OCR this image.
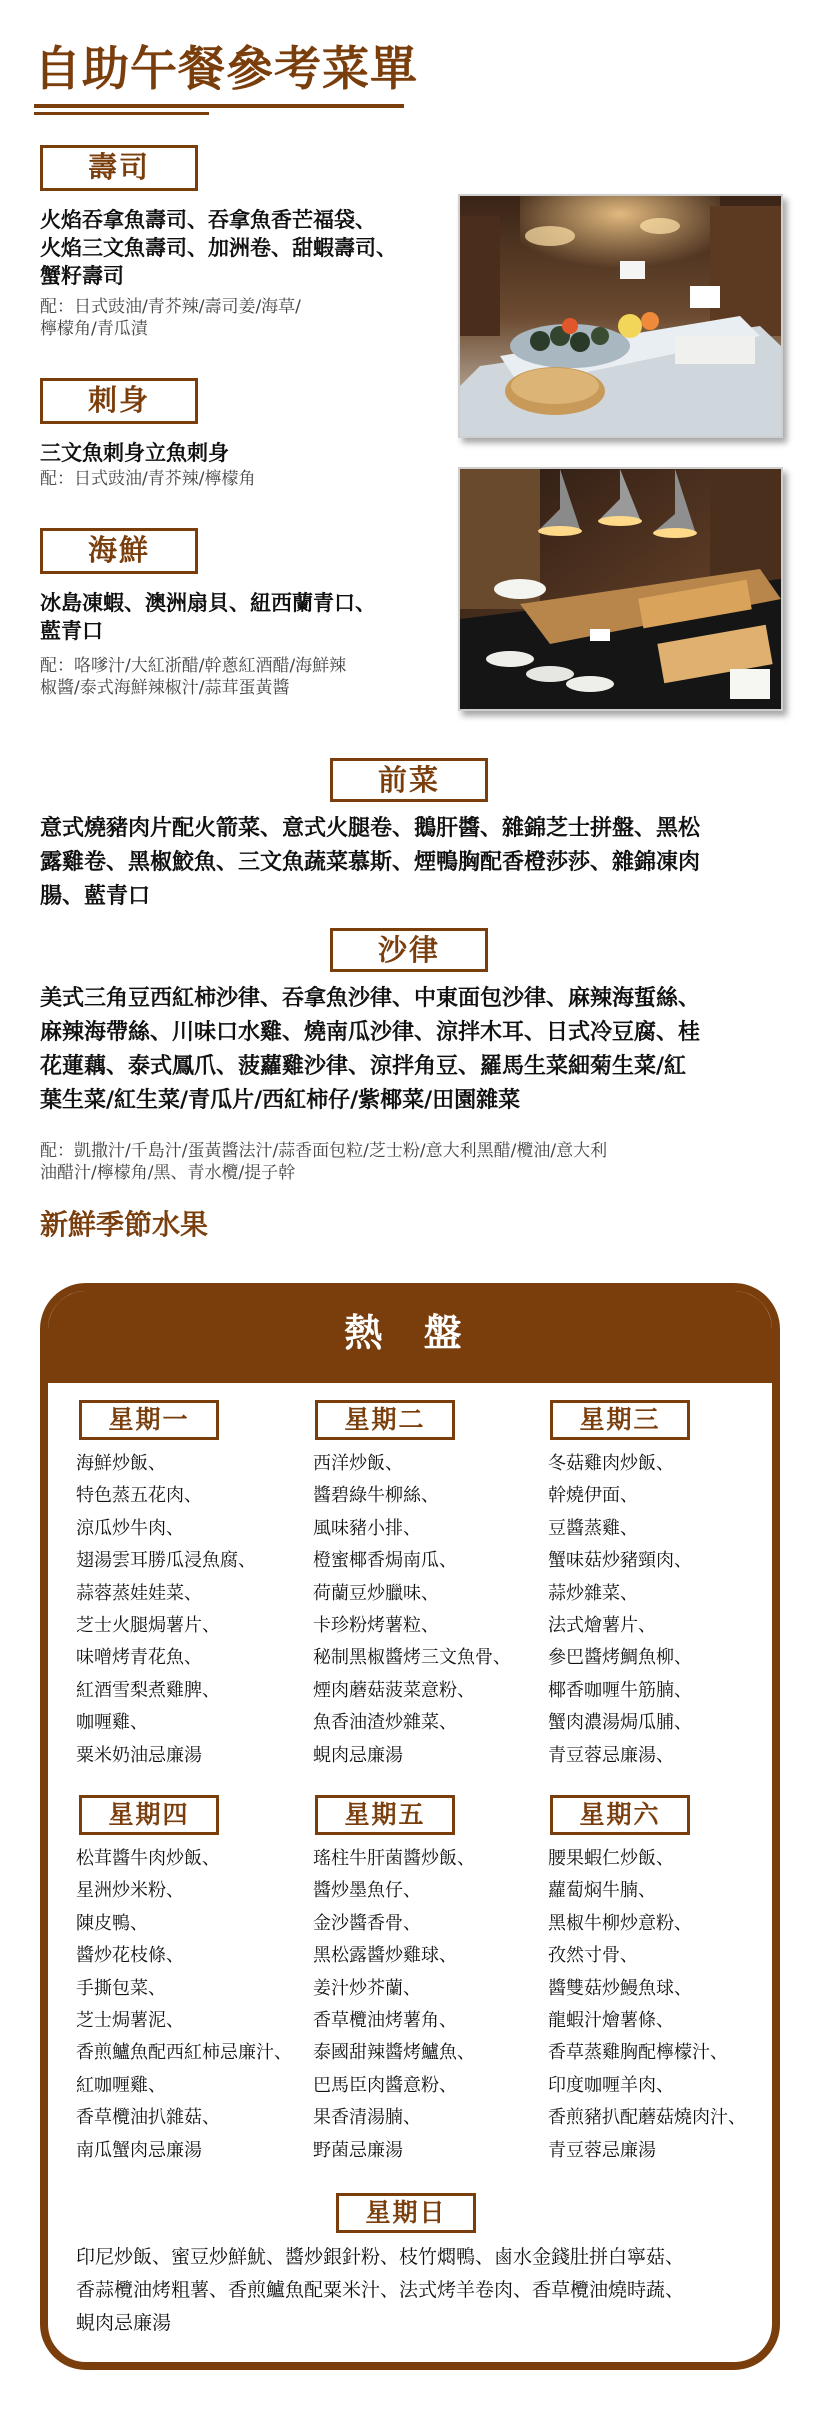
自助午餐參考菜單
壽司
火焰吞拿魚壽司、吞拿魚香芒福袋、
火焰三文魚壽司、加洲卷、甜蝦壽司、
蟹籽壽司
配：日式豉油/青芥辣/壽司姜/海草/
檸檬角/青瓜漬
刺身
三文魚刺身立魚刺身
配：日式豉油/青芥辣/檸檬角
海鮮
冰島凍蝦、澳洲扇貝、紐西蘭青口、
藍青口
配：咯嗲汁/大紅浙醋/幹蔥紅酒醋/海鮮辣
椒醬/泰式海鮮辣椒汁/蒜茸蛋黃醬
前菜
意式燒豬肉片配火箭菜、意式火腿卷、鵝肝醬、雜錦芝士拼盤、黑松
露雞卷、黑椒鮫魚、三文魚蔬菜慕斯、煙鴨胸配香橙莎莎、雜錦凍肉
腸、藍青口
沙律
美式三角豆西紅柿沙律、吞拿魚沙律、中東面包沙律、麻辣海蜇絲、
麻辣海帶絲、川味口水雞、燒南瓜沙律、涼拌木耳、日式冷豆腐、桂
花蓮藕、泰式鳳爪、菠蘿雞沙律、涼拌角豆、羅馬生菜細菊生菜/紅
葉生菜/紅生菜/青瓜片/西紅柿仔/紫椰菜/田園雜菜
配：凱撒汁/千島汁/蛋黃醬法汁/蒜香面包粒/芝士粉/意大利黑醋/欖油/意大利
油醋汁/檸檬角/黑、青水欖/提子幹
新鮮季節水果
熱 盤
星期一
海鮮炒飯、
特色蒸五花肉、
涼瓜炒牛肉、
翅湯雲耳勝瓜浸魚腐、
蒜蓉蒸娃娃菜、
芝士火腿焗薯片、
味噌烤青花魚、
紅酒雪梨煮雞脾、
咖喱雞、
粟米奶油忌廉湯
星期二
西洋炒飯、
醬碧綠牛柳絲、
風味豬小排、
橙蜜椰香焗南瓜、
荷蘭豆炒臘味、
卡珍粉烤薯粒、
秘制黑椒醬烤三文魚骨、
煙肉蘑菇菠菜意粉、
魚香油渣炒雜菜、
蜆肉忌廉湯
星期三
冬菇雞肉炒飯、
幹燒伊面、
豆醬蒸雞、
蟹味菇炒豬頸肉、
蒜炒雜菜、
法式燴薯片、
參巴醬烤鯛魚柳、
椰香咖喱牛筋腩、
蟹肉濃湯焗瓜脯、
青豆蓉忌廉湯、
星期四
松茸醬牛肉炒飯、
星洲炒米粉、
陳皮鴨、
醬炒花枝條、
手撕包菜、
芝士焗薯泥、
香煎鱸魚配西紅柿忌廉汁、
紅咖喱雞、
香草欖油扒雜菇、
南瓜蟹肉忌廉湯
星期五
瑤柱牛肝菌醬炒飯、
醬炒墨魚仔、
金沙醬香骨、
黑松露醬炒雞球、
姜汁炒芥蘭、
香草欖油烤薯角、
泰國甜辣醬烤鱸魚、
巴馬臣肉醬意粉、
果香清湯腩、
野菌忌廉湯
星期六
腰果蝦仁炒飯、
蘿蔔焖牛腩、
黑椒牛柳炒意粉、
孜然寸骨、
醬雙菇炒鰻魚球、
龍蝦汁燴薯條、
香草蒸雞胸配檸檬汁、
印度咖喱羊肉、
香煎豬扒配蘑菇燒肉汁、
青豆蓉忌廉湯
星期日
印尼炒飯、蜜豆炒鮮魷、醬炒銀針粉、枝竹燜鴨、鹵水金錢肚拼白寧菇、
香蒜欖油烤粗薯、香煎鱸魚配粟米汁、法式烤羊卷肉、香草欖油燒時蔬、
蜆肉忌廉湯
